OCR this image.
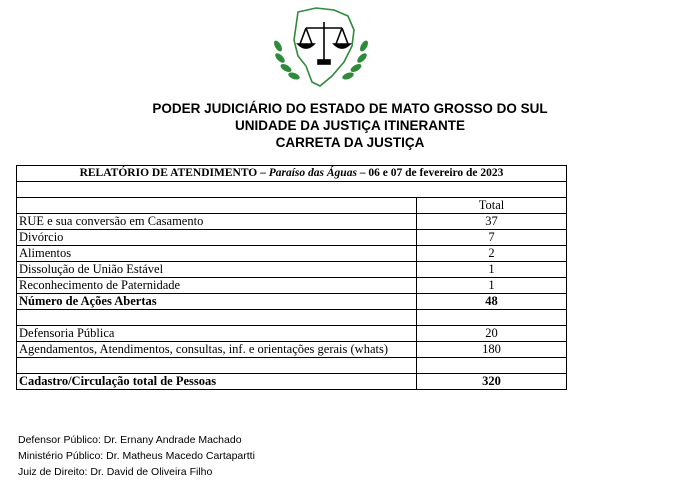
PODER JUDICIÁRIO DO ESTADO DE MATO GROSSO DO SUL
UNIDADE DA JUSTIÇA ITINERANTE
CARRETA DA JUSTIÇA
RELATÓRIO DE ATENDIMENTO – Paraíso das Águas – 06 e 07 de fevereiro de 2023	

	Total
RUE e sua conversão em Casamento	37
Divórcio	7
Alimentos	2
Dissolução de União Estável	1
Reconhecimento de Paternidade	1
Número de Ações Abertas	48

Defensoria Pública	20
Agendamentos, Atendimentos, consultas, inf. e orientações gerais (whats)	180

Cadastro/Circulação total de Pessoas	320
Defensor Público: Dr. Ernany Andrade Machado
Ministério Público: Dr. Matheus Macedo Cartapartti
Juiz de Direito: Dr. David de Oliveira Filho
